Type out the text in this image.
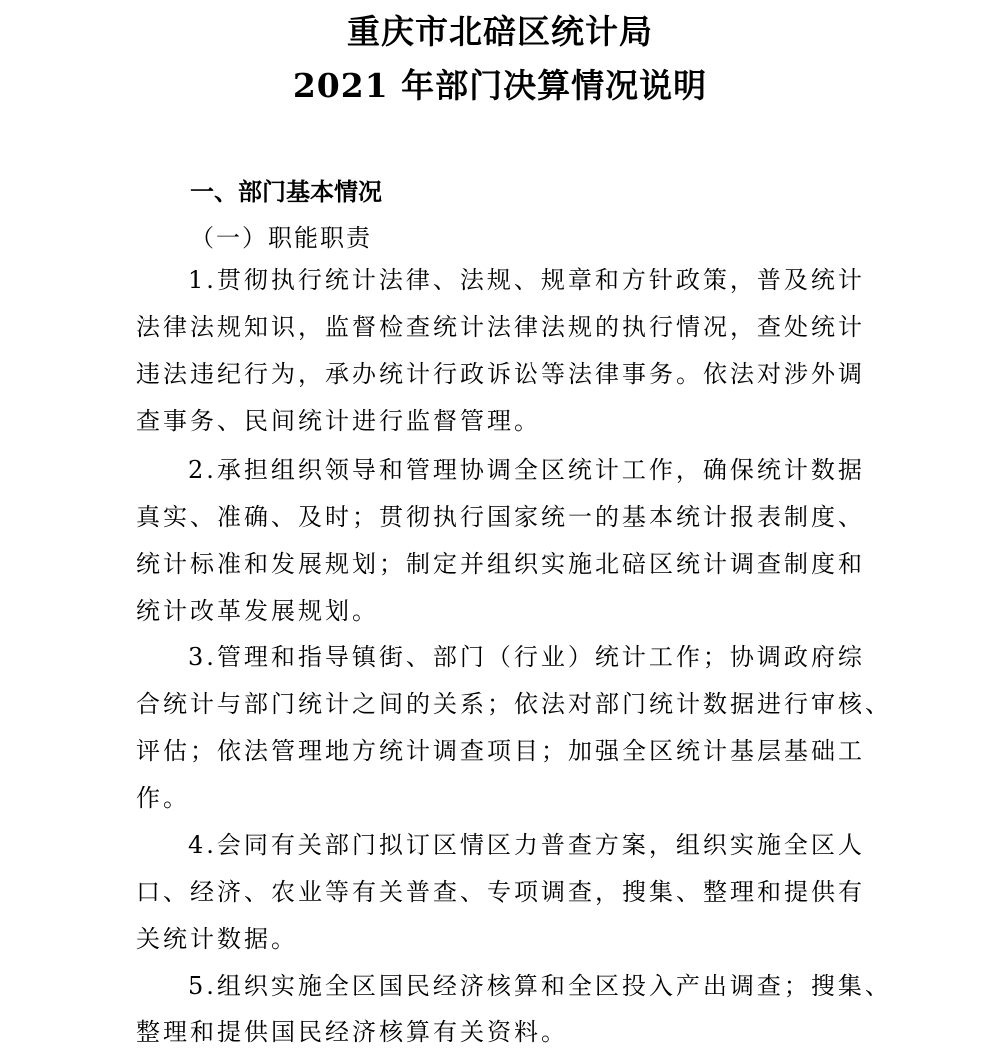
重庆市北碚区统计局
2021 年部门决算情况说明
一、部门基本情况
（一）职能职责
1.贯彻执行统计法律、法规、规章和方针政策，普及统计
法律法规知识，监督检查统计法律法规的执行情况，查处统计
违法违纪行为，承办统计行政诉讼等法律事务。依法对涉外调
查事务、民间统计进行监督管理。
2.承担组织领导和管理协调全区统计工作，确保统计数据
真实、准确、及时；贯彻执行国家统一的基本统计报表制度、
统计标准和发展规划；制定并组织实施北碚区统计调查制度和
统计改革发展规划。
3.管理和指导镇街、部门（行业）统计工作；协调政府综
合统计与部门统计之间的关系；依法对部门统计数据进行审核、
评估；依法管理地方统计调查项目；加强全区统计基层基础工
作。
4.会同有关部门拟订区情区力普查方案，组织实施全区人
口、经济、农业等有关普查、专项调查，搜集、整理和提供有
关统计数据。
5.组织实施全区国民经济核算和全区投入产出调查；搜集、
整理和提供国民经济核算有关资料。
